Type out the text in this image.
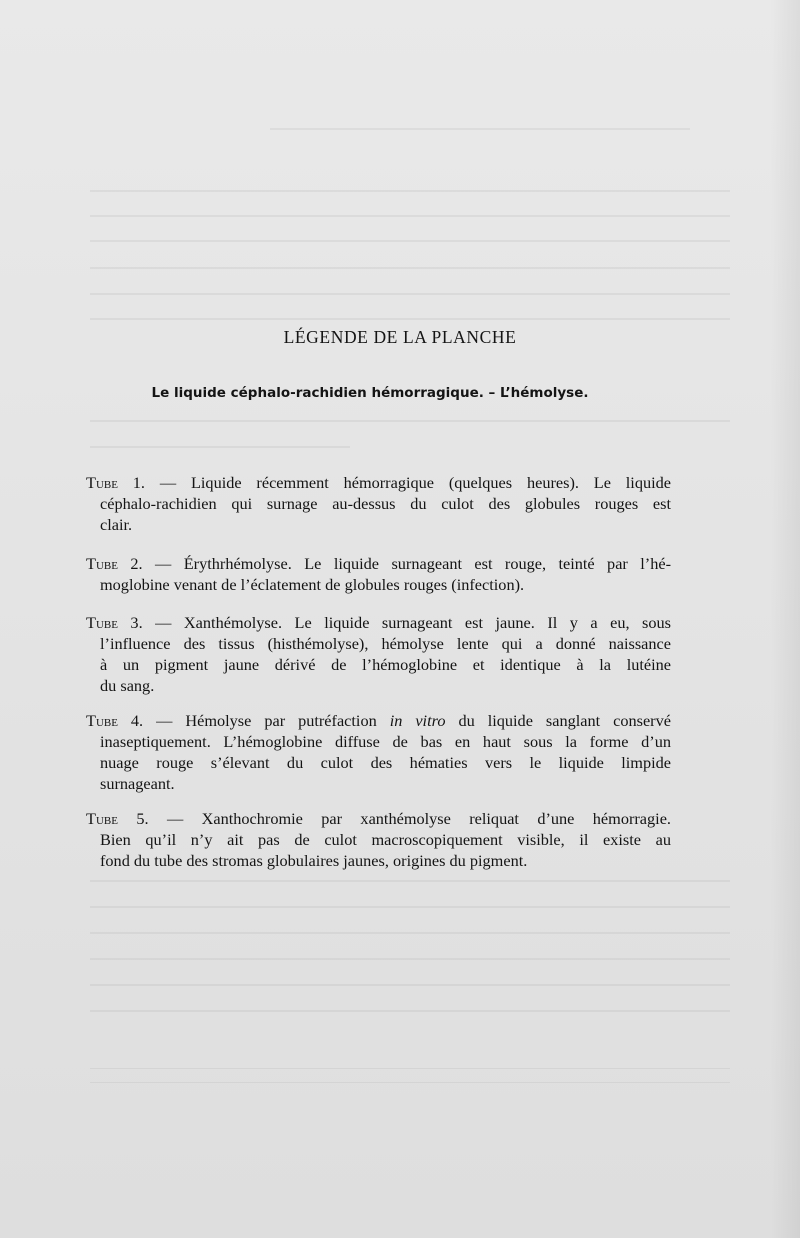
LÉGENDE DE LA PLANCHE
Le liquide céphalo-rachidien hémorragique. – L’hémolyse.
Tube 1. — Liquide récemment hémorragique (quelques heures). Le liquide
céphalo-rachidien qui surnage au-dessus du culot des globules rouges est
clair.
Tube 2. — Érythrhémolyse. Le liquide surnageant est rouge, teinté par l’hé-
moglobine venant de l’éclatement de globules rouges (infection).
Tube 3. — Xanthémolyse. Le liquide surnageant est jaune. Il y a eu, sous
l’influence des tissus (histhémolyse), hémolyse lente qui a donné naissance
à un pigment jaune dérivé de l’hémoglobine et identique à la lutéine
du sang.
Tube 4. — Hémolyse par putréfaction in vitro du liquide sanglant conservé
inaseptiquement. L’hémoglobine diffuse de bas en haut sous la forme d’un
nuage rouge s’élevant du culot des hématies vers le liquide limpide
surnageant.
Tube 5. — Xanthochromie par xanthémolyse reliquat d’une hémorragie.
Bien qu’il n’y ait pas de culot macroscopiquement visible, il existe au
fond du tube des stromas globulaires jaunes, origines du pigment.
